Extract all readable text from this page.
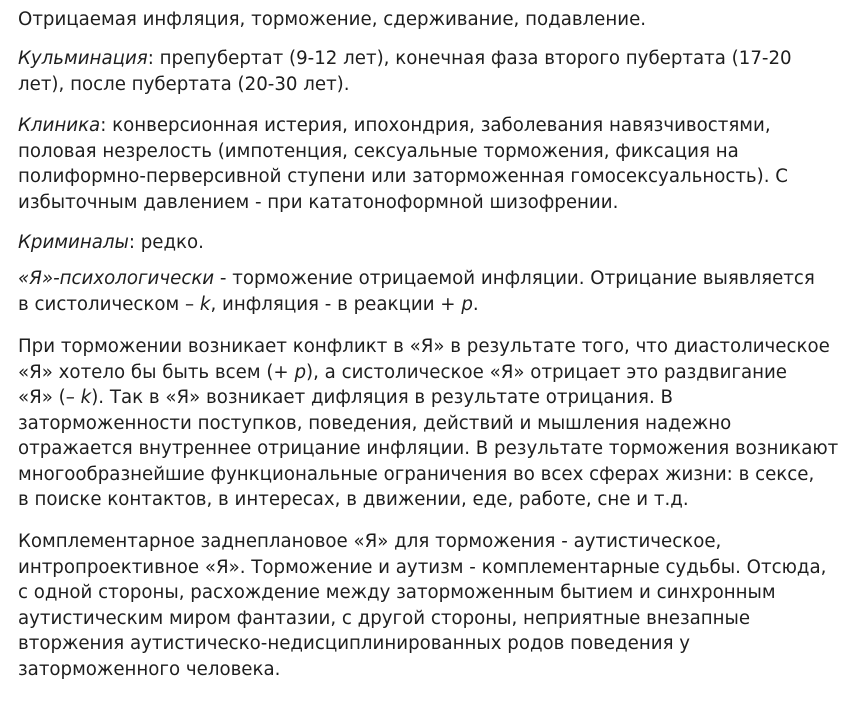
Отрицаемая инфляция, торможение, сдерживание, подавление.

Кульминация: препубертат (9-12 лет), конечная фаза второго пубертата (17-20
лет), после пубертата (20-30 лет).

Клиника: конверсионная истерия, ипохондрия, заболевания навязчивостями,
половая незрелость (импотенция, сексуальные торможения, фиксация на
полиформно-перверсивной ступени или заторможенная гомосексуальность). С
избыточным давлением - при кататоноформной шизофрении.

Криминалы: редко.

«Я»-психологически - торможение отрицаемой инфляции. Отрицание выявляется
в систолическом – k, инфляция - в реакции + p.

При торможении возникает конфликт в «Я» в результате того, что диастолическое
«Я» хотело бы быть всем (+ p), а систолическое «Я» отрицает это раздвигание
«Я» (– k). Так в «Я» возникает дифляция в результате отрицания. В
заторможенности поступков, поведения, действий и мышления надежно
отражается внутреннее отрицание инфляции. В результате торможения возникают
многообразнейшие функциональные ограничения во всех сферах жизни: в сексе,
в поиске контактов, в интересах, в движении, еде, работе, сне и т.д.

Комплементарное заднеплановое «Я» для торможения - аутистическое,
интропроективное «Я». Торможение и аутизм - комплементарные судьбы. Отсюда,
с одной стороны, расхождение между заторможенным бытием и синхронным
аутистическим миром фантазии, с другой стороны, неприятные внезапные
вторжения аутистическо-недисциплинированных родов поведения у
заторможенного человека.
